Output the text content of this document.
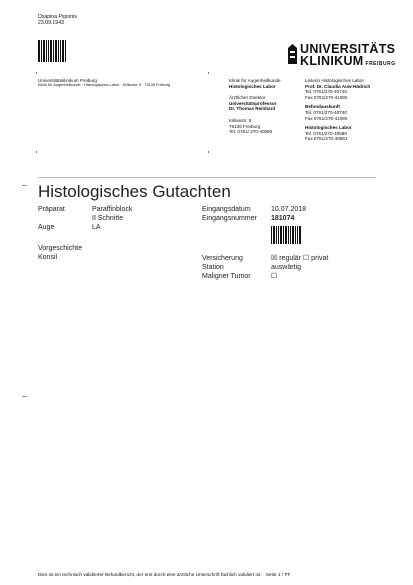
Dsapina Psponis
23.09.1943
UNIVERSITÄTS
KLINIKUM FREIBURG
Universitätsklinikum Freiburg
Klinik für Augenheilkunde · Histologisches Labor · Killianstr. 5 · 79106 Freiburg
Klinik für Augenheilkunde
Histologisches Labor
Ärztlicher Direktor
Universitätsprofessor
Dr. Thomas Reinhard
Killianstr. 5
79106 Freiburg
Tel. 0761/ 270-40060
Leiterin Histologisches Labor
Prof. Dr. Claudia Auw-Hädrich
Tel. 0761/270-40740
Fax 0761/270-41090
Befundauskunft
Tel. 0761/270-40740
Fax 0761/270-41090
Histologisches Labor
Tel. 0761/270-40580
Fax 0761/270-40581
Histologisches Gutachten
Präparat	Paraffinblock
II Schnitte
Auge	LA
Eingangsdatum	10.07.2018
Eingangsnummer 181074
Vorgeschichte
Konsil	Versicherung	☒ regulär ☐ privat
Station	auswärtig
Maligner Tumor	☐
Dies ist ein technisch validierter Befundbericht, der erst durch eine ärztliche Unterschrift fachlich validiert ist. Seite 1 / ??
